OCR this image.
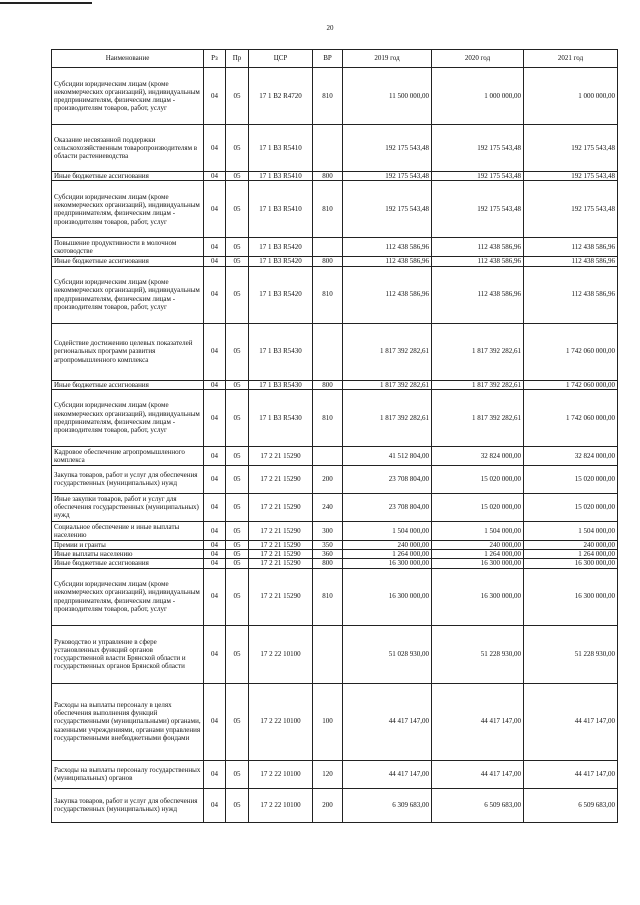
20
Наименование	Рз	Пр	ЦСР	ВР	2019 год	2020 год	2021 год
Субсидии юридическим лицам (кроме некоммерческих организаций), индивидуальным предпринимателям, физическим лицам - производителям товаров, работ, услуг	04	05	17 1 В2 R4720	810	11 500 000,00	1 000 000,00	1 000 000,00
Оказание несвязанной поддержки сельскохозяйственным товаропроизводителям в области растениеводства	04	05	17 1 В3 R5410		192 175 543,48	192 175 543,48	192 175 543,48
Иные бюджетные ассигнования	04	05	17 1 В3 R5410	800	192 175 543,48	192 175 543,48	192 175 543,48
Субсидии юридическим лицам (кроме некоммерческих организаций), индивидуальным предпринимателям, физическим лицам - производителям товаров, работ, услуг	04	05	17 1 В3 R5410	810	192 175 543,48	192 175 543,48	192 175 543,48
Повышение продуктивности в молочном скотоводстве	04	05	17 1 В3 R5420		112 438 586,96	112 438 586,96	112 438 586,96
Иные бюджетные ассигнования	04	05	17 1 В3 R5420	800	112 438 586,96	112 438 586,96	112 438 586,96
Субсидии юридическим лицам (кроме некоммерческих организаций), индивидуальным предпринимателям, физическим лицам - производителям товаров, работ, услуг	04	05	17 1 В3 R5420	810	112 438 586,96	112 438 586,96	112 438 586,96
Содействие достижению целевых показателей региональных программ развития агропромышленного комплекса	04	05	17 1 В3 R5430		1 817 392 282,61	1 817 392 282,61	1 742 060 000,00
Иные бюджетные ассигнования	04	05	17 1 В3 R5430	800	1 817 392 282,61	1 817 392 282,61	1 742 060 000,00
Субсидии юридическим лицам (кроме некоммерческих организаций), индивидуальным предпринимателям, физическим лицам - производителям товаров, работ, услуг	04	05	17 1 В3 R5430	810	1 817 392 282,61	1 817 392 282,61	1 742 060 000,00
Кадровое обеспечение агропромышленного комплекса	04	05	17 2 21 15290		41 512 804,00	32 824 000,00	32 824 000,00
Закупка товаров, работ и услуг для обеспечения государственных (муниципальных) нужд	04	05	17 2 21 15290	200	23 708 804,00	15 020 000,00	15 020 000,00
Иные закупки товаров, работ и услуг для обеспечения государственных (муниципальных) нужд	04	05	17 2 21 15290	240	23 708 804,00	15 020 000,00	15 020 000,00
Социальное обеспечение и иные выплаты населению	04	05	17 2 21 15290	300	1 504 000,00	1 504 000,00	1 504 000,00
Премии и гранты	04	05	17 2 21 15290	350	240 000,00	240 000,00	240 000,00
Иные выплаты населению	04	05	17 2 21 15290	360	1 264 000,00	1 264 000,00	1 264 000,00
Иные бюджетные ассигнования	04	05	17 2 21 15290	800	16 300 000,00	16 300 000,00	16 300 000,00
Субсидии юридическим лицам (кроме некоммерческих организаций), индивидуальным предпринимателям, физическим лицам - производителям товаров, работ, услуг	04	05	17 2 21 15290	810	16 300 000,00	16 300 000,00	16 300 000,00
Руководство и управление в сфере установленных функций органов государственной власти Брянской области и государственных органов Брянской области	04	05	17 2 22 10100		51 028 930,00	51 228 930,00	51 228 930,00
Расходы на выплаты персоналу в целях обеспечения выполнения функций государственными (муниципальными) органами, казенными учреждениями, органами управления государственными внебюджетными фондами	04	05	17 2 22 10100	100	44 417 147,00	44 417 147,00	44 417 147,00
Расходы на выплаты персоналу государственных (муниципальных) органов	04	05	17 2 22 10100	120	44 417 147,00	44 417 147,00	44 417 147,00
Закупка товаров, работ и услуг для обеспечения государственных (муниципальных) нужд	04	05	17 2 22 10100	200	6 309 683,00	6 509 683,00	6 509 683,00
